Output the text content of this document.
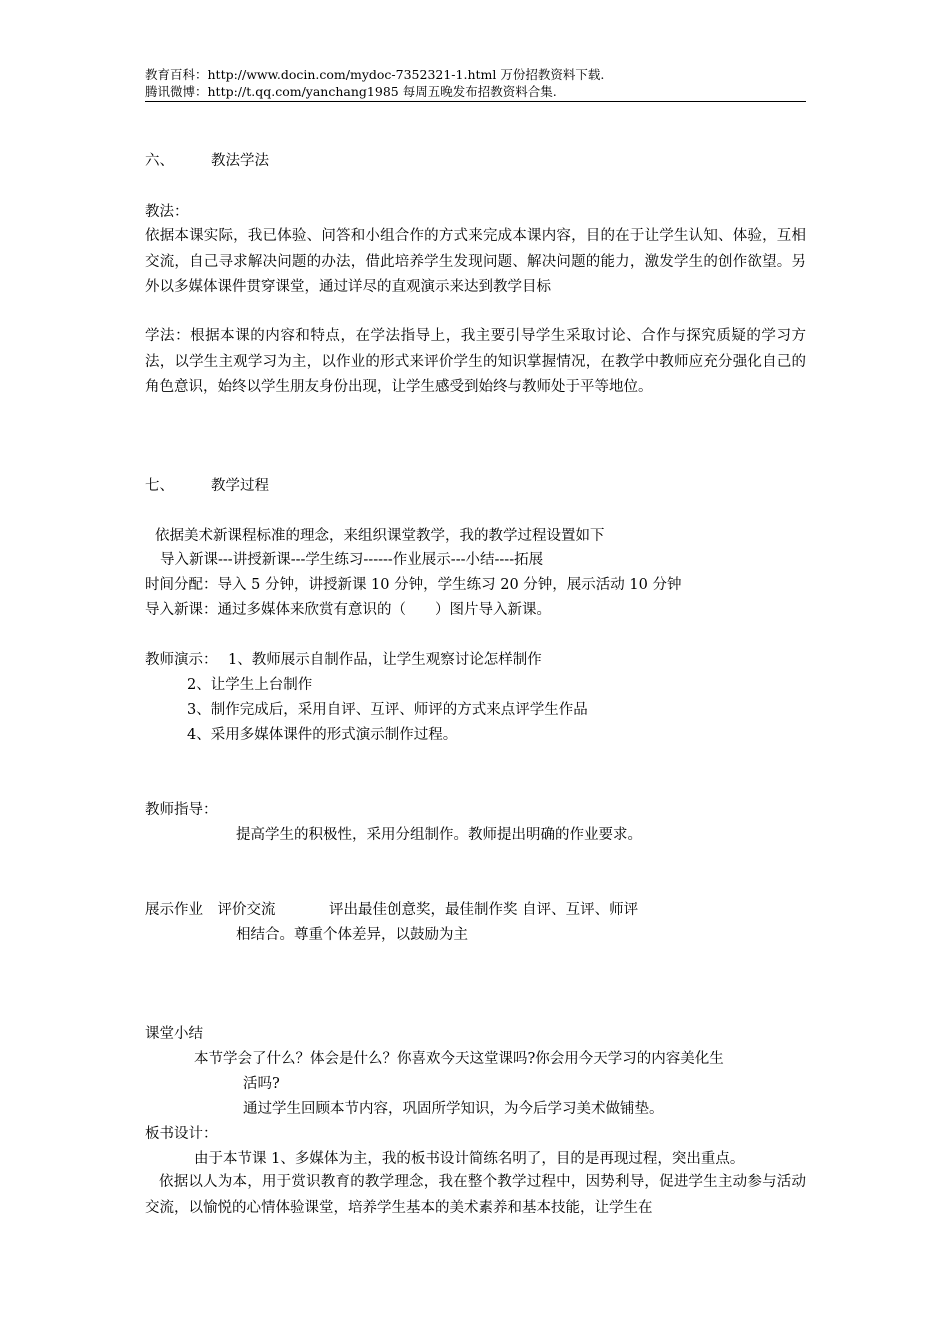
教育百科：http://www.docin.com/mydoc-7352321-1.html 万份招教资料下载.
腾讯微博：http://t.qq.com/yanchang1985 每周五晚发布招教资料合集.
六、	教法学法
教法：
依据本课实际，我已体验、问答和小组合作的方式来完成本课内容，目的在于让学生认知、体验，互相交流，自己寻求解决问题的办法，借此培养学生发现问题、解决问题的能力，激发学生的创作欲望。另外以多媒体课件贯穿课堂，通过详尽的直观演示来达到教学目标
学法：根据本课的内容和特点，在学法指导上，我主要引导学生采取讨论、合作与探究质疑的学习方法，以学生主观学习为主，以作业的形式来评价学生的知识掌握情况，在教学中教师应充分强化自己的角色意识，始终以学生朋友身份出现，让学生感受到始终与教师处于平等地位。
七、	教学过程
依据美术新课程标准的理念，来组织课堂教学，我的教学过程设置如下
导入新课---讲授新课---学生练习------作业展示---小结----拓展
时间分配：导入 5 分钟，讲授新课 10 分钟，学生练习 20 分钟，展示活动 10 分钟
导入新课：通过多媒体来欣赏有意识的（　　）图片导入新课。
教师演示： 1、教师展示自制作品，让学生观察讨论怎样制作
2、让学生上台制作
3、制作完成后，采用自评、互评、师评的方式来点评学生作品
4、采用多媒体课件的形式演示制作过程。
教师指导：
提高学生的积极性，采用分组制作。教师提出明确的作业要求。
展示作业　评价交流	评出最佳创意奖，最佳制作奖 自评、互评、师评
相结合。尊重个体差异，以鼓励为主
课堂小结
本节学会了什么？体会是什么？你喜欢今天这堂课吗?你会用今天学习的内容美化生
活吗?
通过学生回顾本节内容，巩固所学知识，为今后学习美术做铺垫。
板书设计：
由于本节课 1、多媒体为主，我的板书设计简练名明了，目的是再现过程，突出重点。
依据以人为本，用于赏识教育的教学理念，我在整个教学过程中，因势利导，促进学生主动参与活动交流，以愉悦的心情体验课堂，培养学生基本的美术素养和基本技能，让学生在
